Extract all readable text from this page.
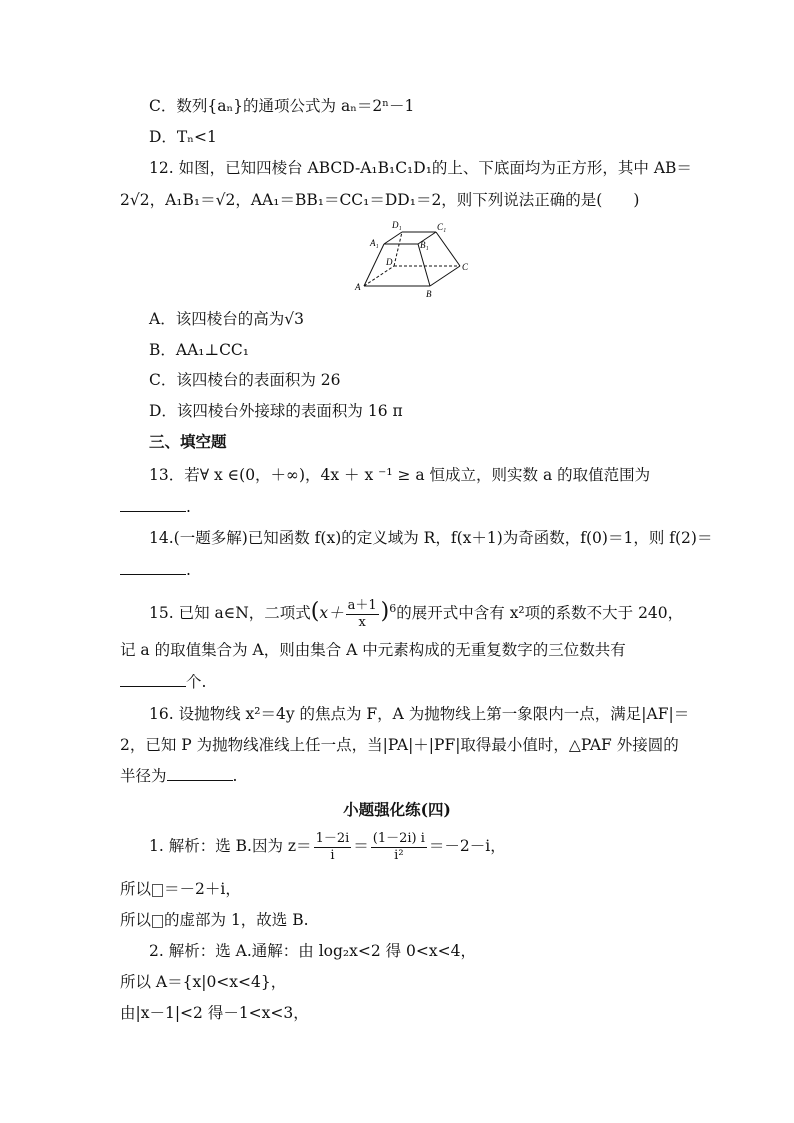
C．数列{aₙ}的通项公式为 aₙ＝2ⁿ－1
D．Tₙ<1
12. 如图，已知四棱台 ABCD-A₁B₁C₁D₁的上、下底面均为正方形，其中 AB＝
2√2，A₁B₁＝√2，AA₁＝BB₁＝CC₁＝DD₁＝2，则下列说法正确的是(　　)
A
B
C
D
A₁	B₁
C₁
D₁
A．该四棱台的高为√3
B．AA₁⊥CC₁
C．该四棱台的表面积为 26
D．该四棱台外接球的表面积为 16 π
三、填空题
13．若∀ x ∈(0，＋∞)，4x ＋ x ⁻¹ ≥ a 恒成立，则实数 a 的取值范围为
.
14.(一题多解)已知函数 f(x)的定义域为 R，f(x＋1)为奇函数，f(0)＝1，则 f(2)＝
.
15. 已知 a∈N，二项式$(x+ \frac{a+1}{x} )^6$的展开式中含有 x²项的系数不大于 240，
记 a 的取值集合为 A，则由集合 A 中元素构成的无重复数字的三位数共有
个.
16. 设抛物线 x²＝4y 的焦点为 F，A 为抛物线上第一象限内一点，满足|AF|＝
2，已知 P 为抛物线准线上任一点，当|PA|＋|PF|取得最小值时，△PAF 外接圆的
半径为	.
小题强化练(四)
1. 解析：选 B.因为 $z= \frac{1-2i}{i} = \frac{(1-2i) i}{\text{i²}} =-2-i$，
所以 ＝－2＋i，
所以 的虚部为 1，故选 B.
2. 解析：选 A.通解：由 log₂x<2 得 0<x<4，
所以 A＝{x|0<x<4}，
由|x－1|<2 得－1<x<3，
